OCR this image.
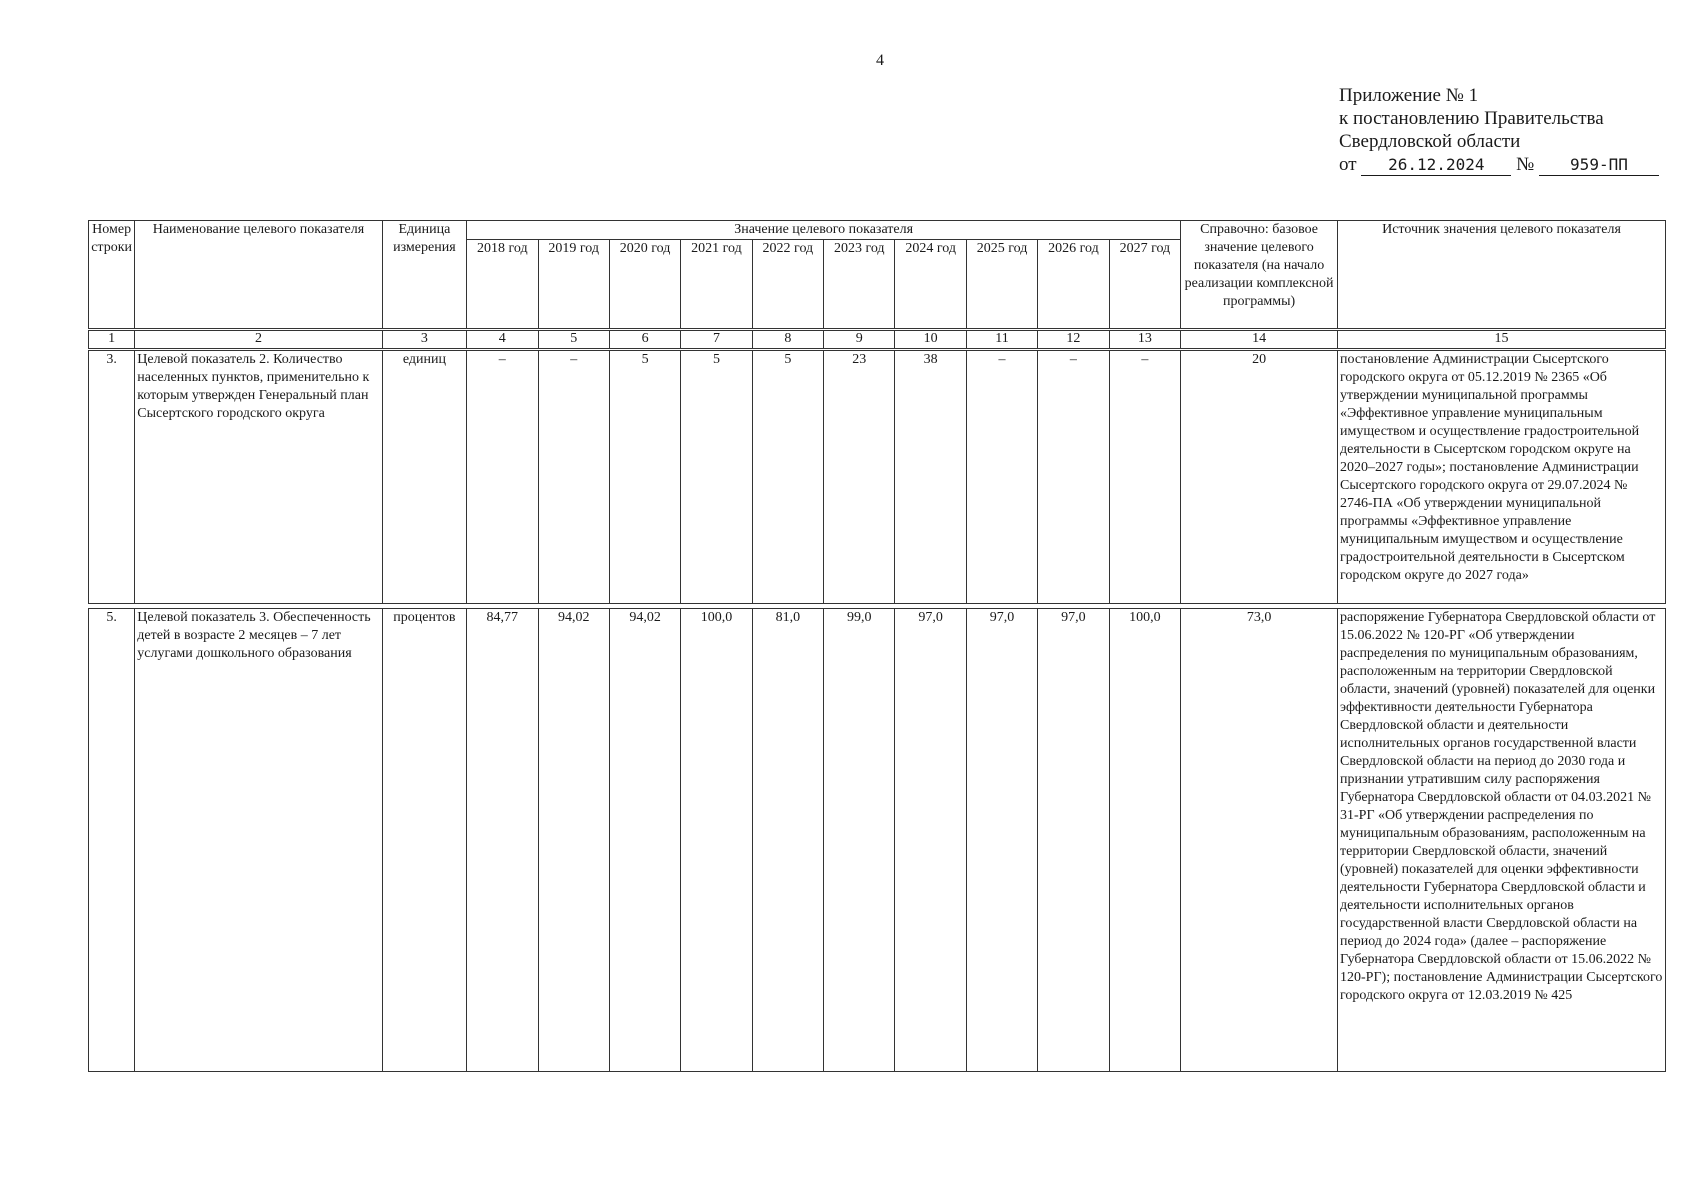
4
Приложение № 1
к постановлению Правительства
Свердловской области
от 26.12.2024 № 959-ПП
Номер строки	Наименование целевого показателя	Единица измерения	Значение целевого показателя										Справочно: базовое значение целевого показателя (на начало реализации комплексной программы)	Источник значения целевого показателя
			2018 год	2019 год	2020 год	2021 год	2022 год	2023 год	2024 год	2025 год	2026 год	2027 год		
1	2	3	4	5	6	7	8	9	10	11	12	13	14	15
3.	Целевой показатель 2. Количество населенных пунктов, применительно к которым утвержден Генеральный план Сысертского городского округа	единиц	–	–	5	5	5	23	38	–	–	–	20	постановление Администрации Сысертского городского округа от 05.12.2019 № 2365 «Об утверждении муниципальной программы «Эффективное управление муниципальным имуществом и осуществление градостроительной деятельности в Сысертском городском округе на 2020–2027 годы»; постановление Администрации Сысертского городского округа от 29.07.2024 № 2746-ПА «Об утверждении муниципальной программы «Эффективное управление муниципальным имуществом и осуществление градостроительной деятельности в Сысертском городском округе до 2027 года»

5.	Целевой показатель 3. Обеспеченность детей в возрасте 2 месяцев – 7 лет услугами дошкольного образования	процентов	84,77	94,02	94,02	100,0	81,0	99,0	97,0	97,0	97,0	100,0	73,0	распоряжение Губернатора Свердловской области от 15.06.2022 № 120-РГ «Об утверждении распределения по муниципальным образованиям, расположенным на территории Свердловской области, значений (уровней) показателей для оценки эффективности деятельности Губернатора Свердловской области и деятельности исполнительных органов государственной власти Свердловской области на период до 2030 года и признании утратившим силу распоряжения Губернатора Свердловской области от 04.03.2021 № 31-РГ «Об утверждении распределения по муниципальным образованиям, расположенным на территории Свердловской области, значений (уровней) показателей для оценки эффективности деятельности Губернатора Свердловской области и деятельности исполнительных органов государственной власти Свердловской области на период до 2024 года» (далее – распоряжение Губернатора Свердловской области от 15.06.2022 № 120-РГ); постановление Администрации Сысертского городского округа от 12.03.2019 № 425
